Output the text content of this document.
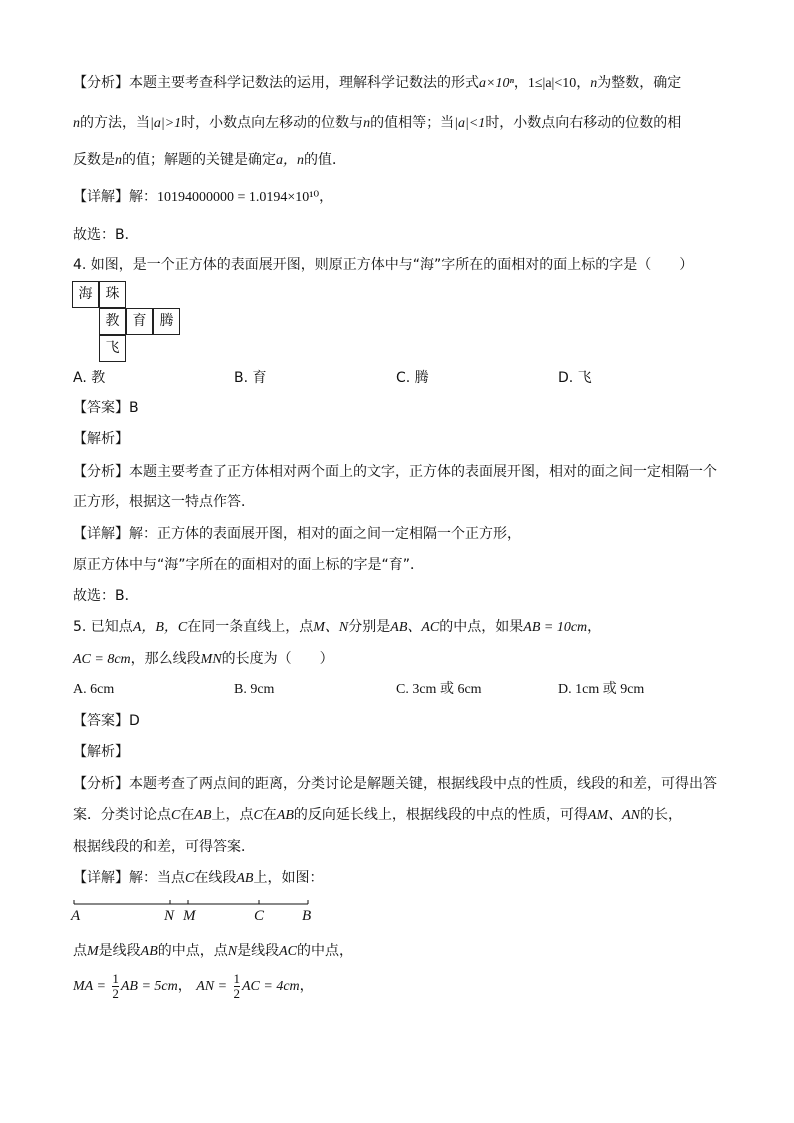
【分析】本题主要考查科学记数法的运用，理解科学记数法的形式a×10ⁿ，1≤|a|<10，n为整数，确定
n的方法，当|a|>1时，小数点向左移动的位数与n的值相等；当|a|<1时，小数点向右移动的位数的相
反数是n的值；解题的关键是确定a，n的值．
【详解】解：10194000000 = 1.0194×10¹⁰，
故选：B．
4. 如图，是一个正方体的表面展开图，则原正方体中与“海”字所在的面相对的面上标的字是（　　）
海 珠
教 育 腾
飞
A. 教	B. 育	C. 腾	D. 飞
【答案】B
【解析】
【分析】本题主要考查了正方体相对两个面上的文字，正方体的表面展开图，相对的面之间一定相隔一个
正方形，根据这一特点作答．
【详解】解：正方体的表面展开图，相对的面之间一定相隔一个正方形，
原正方体中与“海”字所在的面相对的面上标的字是“育”．
故选：B．
5. 已知点A，B，C在同一条直线上，点M、N分别是AB、AC的中点，如果AB = 10cm，
AC = 8cm，那么线段MN的长度为（　　）
A. 6cm	B. 9cm	C. 3cm 或 6cm	D. 1cm 或 9cm
【答案】D
【解析】
【分析】本题考查了两点间的距离，分类讨论是解题关键，根据线段中点的性质，线段的和差，可得出答
案．分类讨论点C在AB上，点C在AB的反向延长线上，根据线段的中点的性质，可得AM、AN的长，
根据线段的和差，可得答案．
【详解】解：当点C在线段AB上，如图：
A	N M	C	B
点M是线段AB的中点，点N是线段AC的中点，
MA = $\frac{1}{2}$ AB = 5cm， AN = $\frac{1}{2}$ AC = 4cm，
